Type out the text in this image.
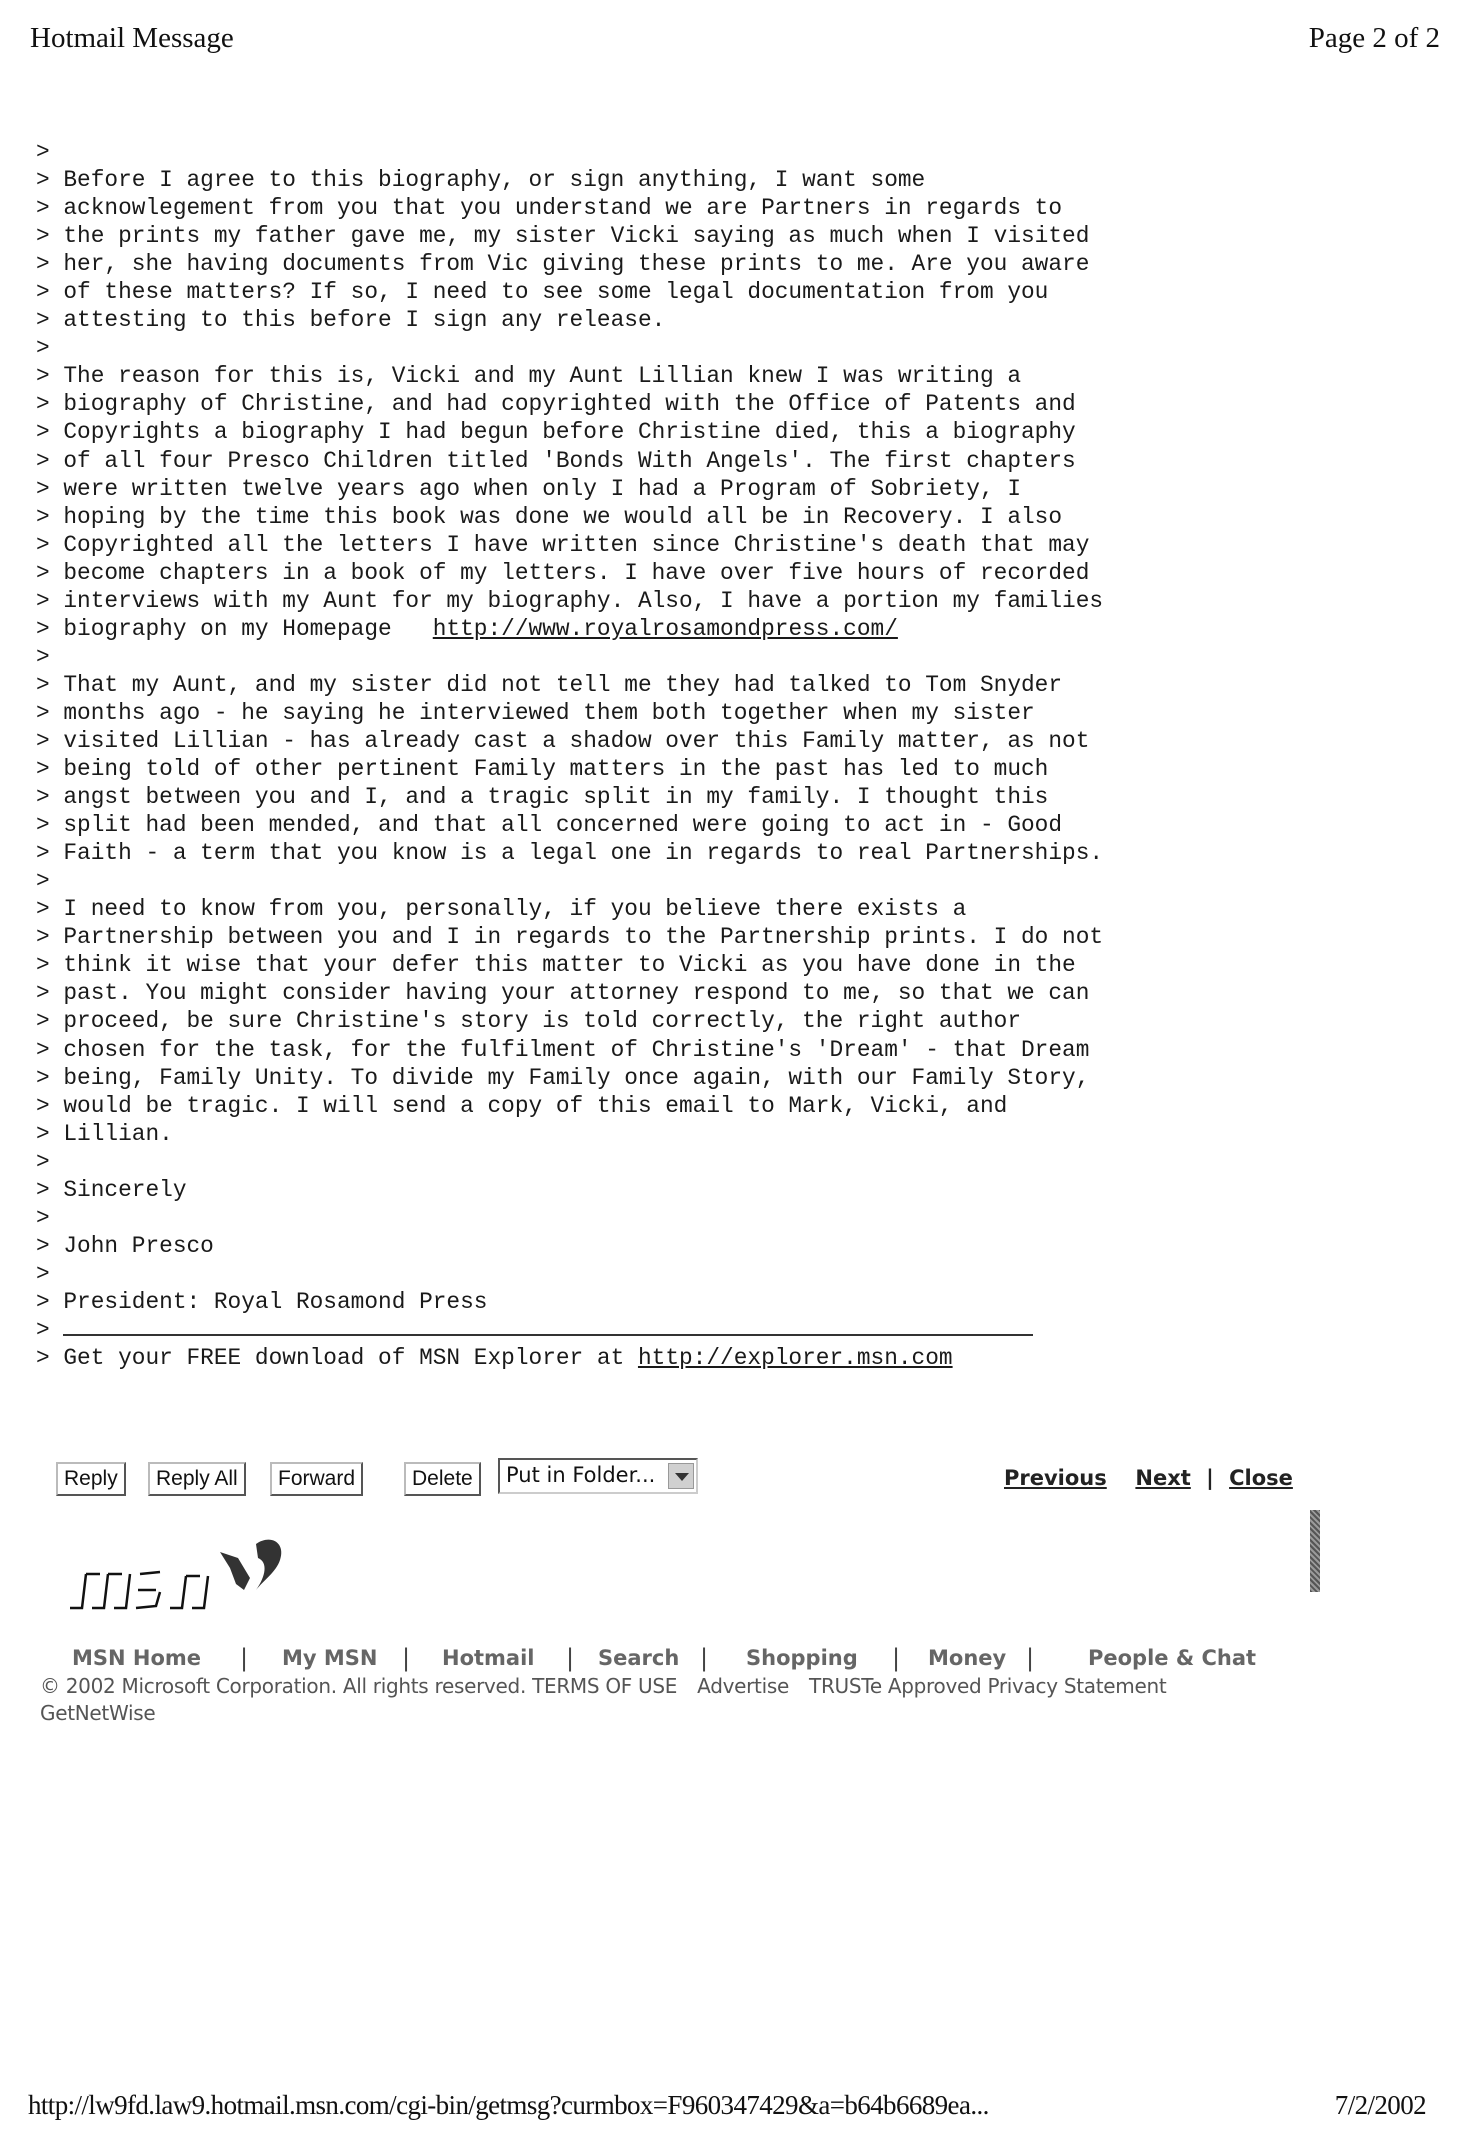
Hotmail Message	Page 2 of 2
>
> Before I agree to this biography, or sign anything, I want some
> acknowlegement from you that you understand we are Partners in regards to
> the prints my father gave me, my sister Vicki saying as much when I visited
> her, she having documents from Vic giving these prints to me. Are you aware
> of these matters? If so, I need to see some legal documentation from you
> attesting to this before I sign any release.
>
> The reason for this is, Vicki and my Aunt Lillian knew I was writing a
> biography of Christine, and had copyrighted with the Office of Patents and
> Copyrights a biography I had begun before Christine died, this a biography
> of all four Presco Children titled 'Bonds With Angels'. The first chapters
> were written twelve years ago when only I had a Program of Sobriety, I
> hoping by the time this book was done we would all be in Recovery. I also
> Copyrighted all the letters I have written since Christine's death that may
> become chapters in a book of my letters. I have over five hours of recorded
> interviews with my Aunt for my biography. Also, I have a portion my families
> biography on my Homepage   http://www.royalrosamondpress.com/
>
> That my Aunt, and my sister did not tell me they had talked to Tom Snyder
> months ago - he saying he interviewed them both together when my sister
> visited Lillian - has already cast a shadow over this Family matter, as not
> being told of other pertinent Family matters in the past has led to much
> angst between you and I, and a tragic split in my family. I thought this
> split had been mended, and that all concerned were going to act in - Good
> Faith - a term that you know is a legal one in regards to real Partnerships.
>
> I need to know from you, personally, if you believe there exists a
> Partnership between you and I in regards to the Partnership prints. I do not
> think it wise that your defer this matter to Vicki as you have done in the
> past. You might consider having your attorney respond to me, so that we can
> proceed, be sure Christine's story is told correctly, the right author
> chosen for the task, for the fulfilment of Christine's 'Dream' - that Dream
> being, Family Unity. To divide my Family once again, with our Family Story,
> would be tragic. I will send a copy of this email to Mark, Vicki, and
> Lillian.
>
> Sincerely
>
> John Presco
>
> President: Royal Rosamond Press
>
> Get your FREE download of MSN Explorer at http://explorer.msn.com
Reply	Reply All	Forward	Delete	Put in Folder...	Previous Next | Close
MSN Home | My MSN | Hotmail | Search | Shopping | Money |	People & Chat
© 2002 Microsoft Corporation. All rights reserved. TERMS OF USE Advertise TRUSTe Approved Privacy Statement
GetNetWise
http://lw9fd.law9.hotmail.msn.com/cgi-bin/getmsg?curmbox=F960347429&a=b64b6689ea...	7/2/2002
